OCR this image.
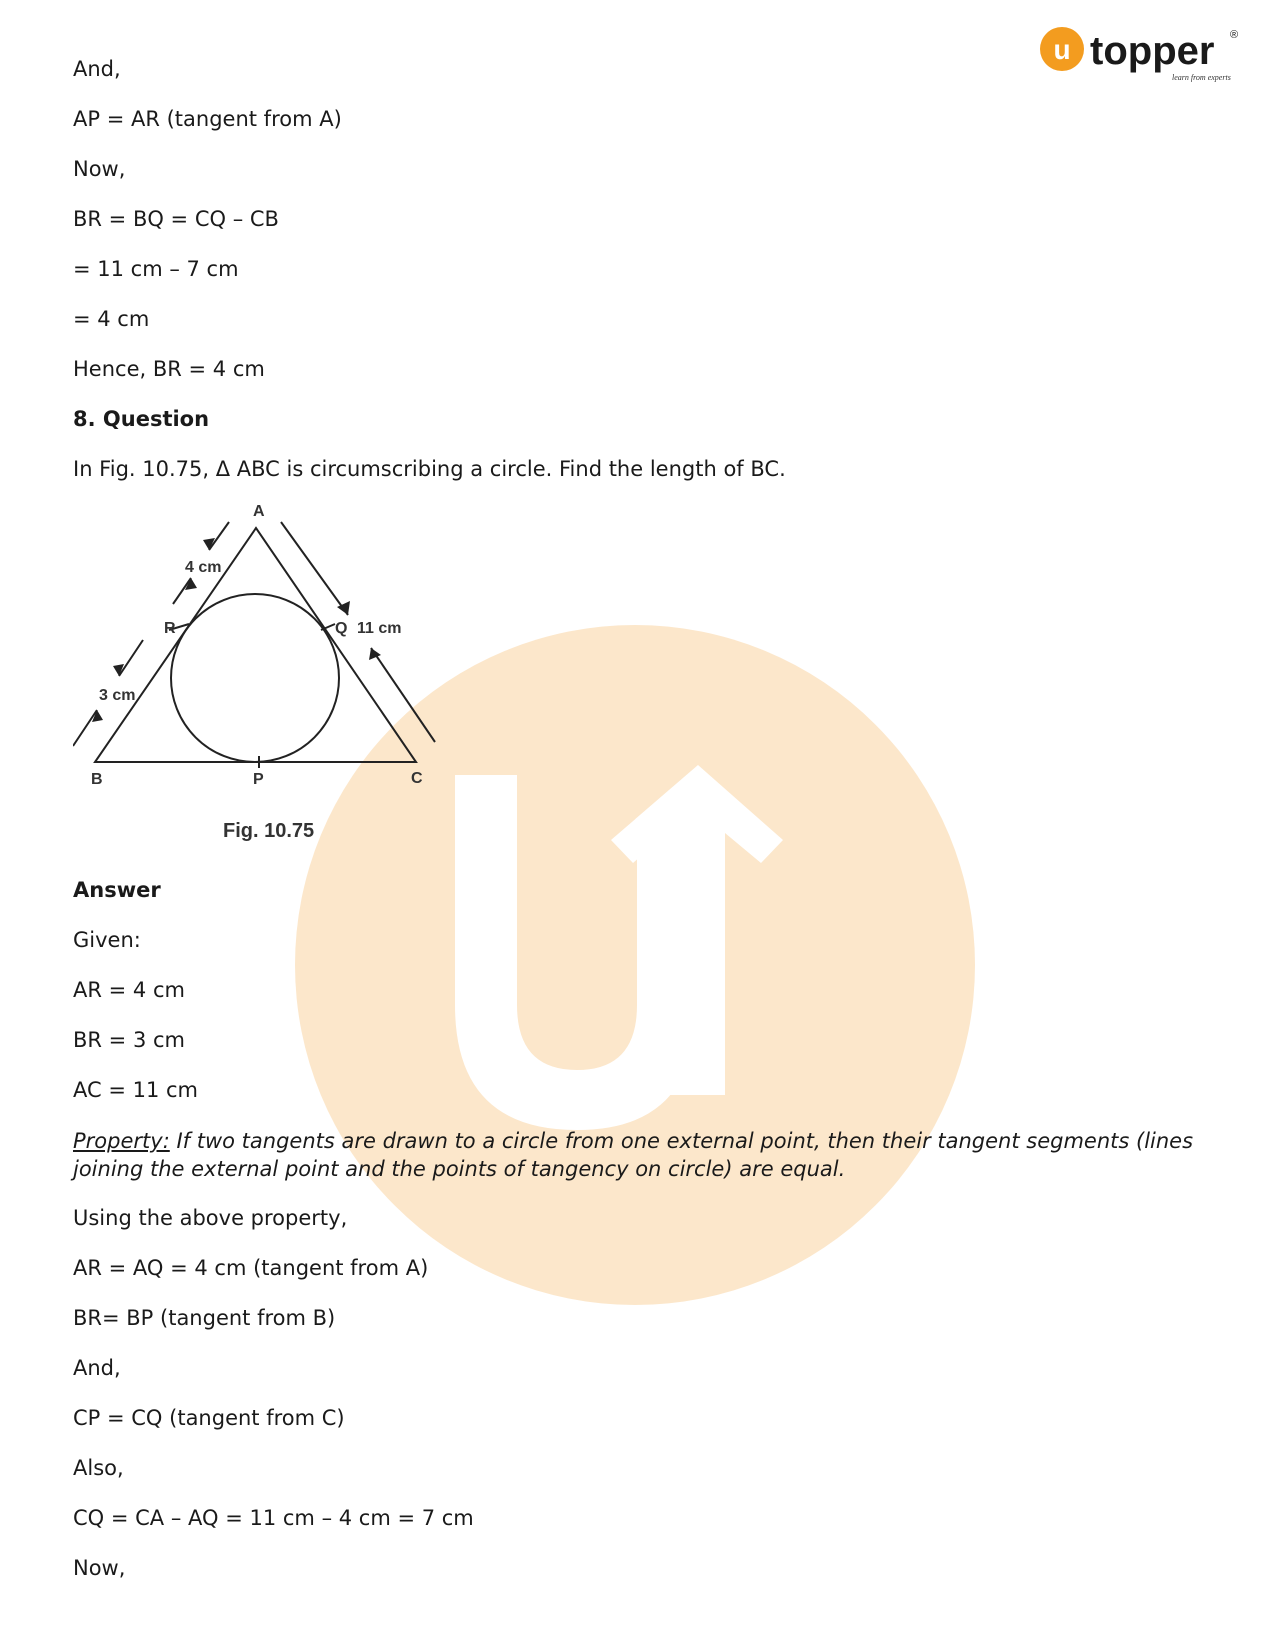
u topper ®
learn from experts

And,

AP = AR (tangent from A)

Now,

BR = BQ = CQ – CB

= 11 cm – 7 cm

= 4 cm

Hence, BR = 4 cm

8. Question

In Fig. 10.75, Δ ABC is circumscribing a circle. Find the length of BC.

A
B	C
P
Q
R
4 cm
3 cm
11 cm
Fig. 10.75

Answer

Given:

AR = 4 cm

BR = 3 cm

AC = 11 cm

Property: If two tangents are drawn to a circle from one external point, then their tangent segments (lines joining the external point and the points of tangency on circle) are equal.

Using the above property,

AR = AQ = 4 cm (tangent from A)

BR= BP (tangent from B)

And,

CP = CQ (tangent from C)

Also,

CQ = CA – AQ = 11 cm – 4 cm = 7 cm

Now,
